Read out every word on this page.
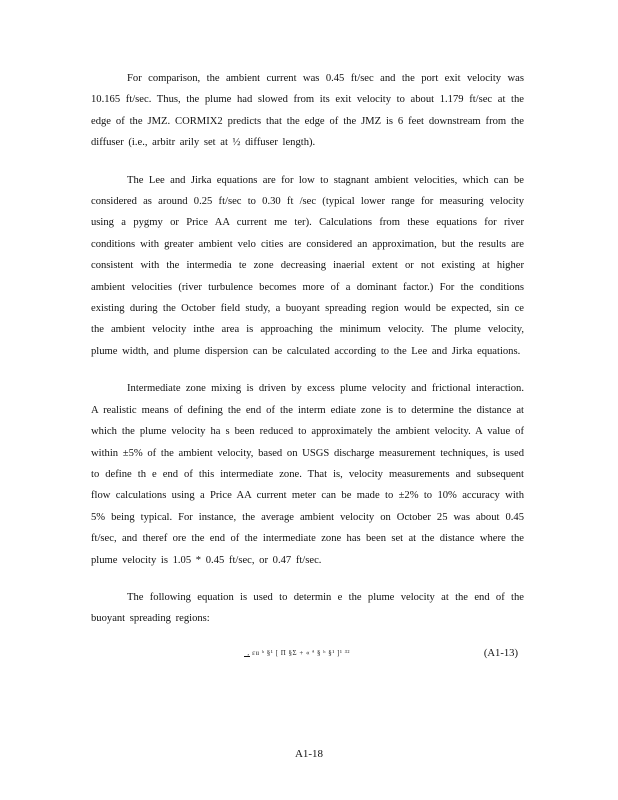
For comparison, the ambient current was 0.45 ft/sec and the port exit velocity was 10.165 ft/sec. Thus, the plume had slowed from its exit velocity to about 1.179 ft/sec at the edge of the JMZ. CORMIX2 predicts that the edge of the JMZ is 6 feet downstream from the diffuser (i.e., arbitr arily set at ½ diffuser length).

The Lee and Jirka equations are for low to stagnant ambient velocities, which can be considered as around 0.25 ft/sec to 0.30 ft /sec (typical lower range for measuring velocity using a pygmy or Price AA current me ter). Calculations from these equations for river conditions with greater ambient velo cities are considered an approximation, but the results are consistent with the intermedia te zone decreasing inaerial extent or not existing at higher ambient velocities (river turbulence becomes more of a dominant factor.) For the conditions existing during the October field study, a buoyant spreading region would be expected, sin ce the ambient velocity inthe area is approaching the minimum velocity. The plume velocity, plume width, and plume dispersion can be calculated according to the Lee and Jirka equations.

Intermediate zone mixing is driven by excess plume velocity and frictional interaction. A realistic means of defining the end of the interm ediate zone is to determine the distance at which the plume velocity ha s been reduced to approximately the ambient velocity. A value of within ±5% of the ambient velocity, based on USGS discharge measurement techniques, is used to define th e end of this intermediate zone. That is, velocity measurements and subsequent flow calculations using a Price AA current meter can be made to ±2% to 10% accuracy with 5% being typical. For instance, the average ambient velocity on October 25 was about 0.45 ft/sec, and theref ore the end of the intermediate zone has been set at the distance where the plume velocity is 1.05 * 0.45 ft/sec, or 0.47 ft/sec.

The following equation is used to determin e the plume velocity at the end of the buoyant spreading regions:

‚ εu ʰ §¹ [ Π §Σ + « ª § ʰ §¹ ]¹ ³²	(A1-13)
A1-18
